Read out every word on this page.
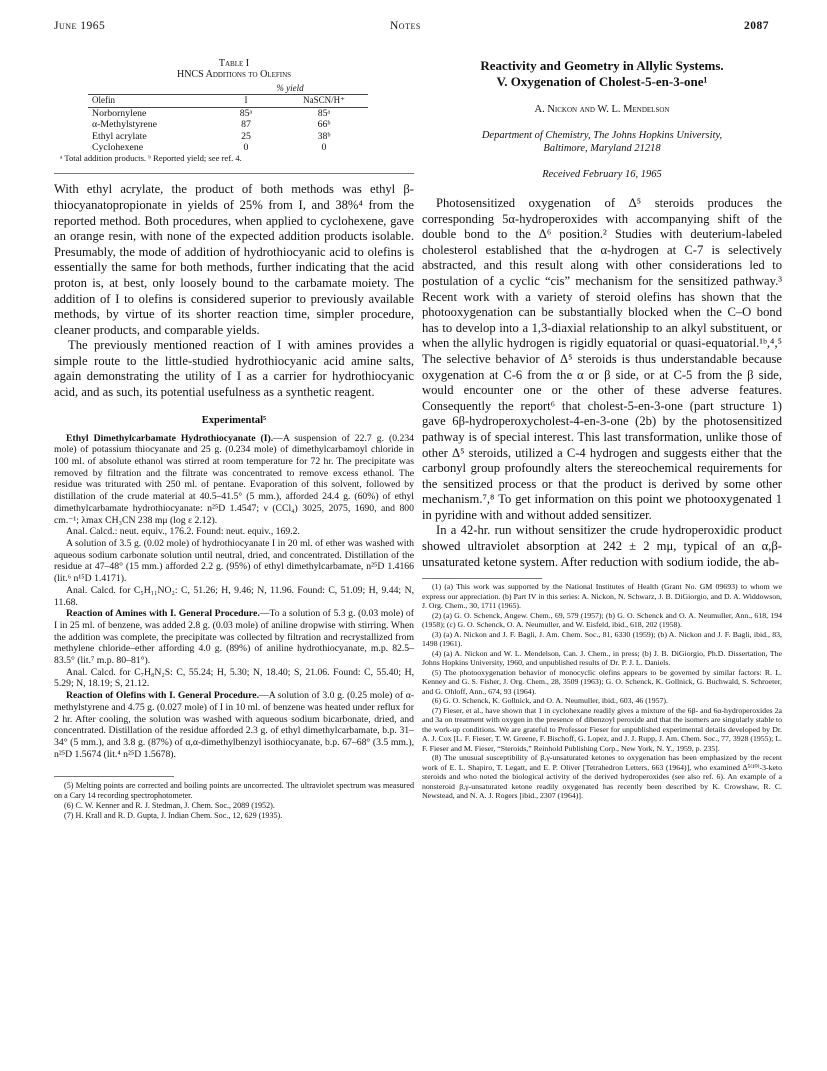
June 1965	Notes	2087
Table I
HNCS Additions to Olefins
	% yield	
Olefin	I	NaSCN/H⁺
Norbornylene	85ᵃ	85ᵃ
α-Methylstyrene	87	66ᵇ
Ethyl acrylate	25	38ᵇ
Cyclohexene	0	0
ᵃ Total addition products. ᵇ Reported yield; see ref. 4.

With ethyl acrylate, the product of both methods was ethyl β-thiocyanatopropionate in yields of 25% from I, and 38%⁴ from the reported method. Both procedures, when applied to cyclohexene, gave an orange resin, with none of the expected addition products isolable. Presumably, the mode of addition of hydrothiocyanic acid to olefins is essentially the same for both methods, further indicating that the acid proton is, at best, only loosely bound to the carbamate moiety. The addition of I to olefins is considered superior to previously available methods, by virtue of its shorter reaction time, simpler procedure, cleaner products, and comparable yields.

The previously mentioned reaction of I with amines provides a simple route to the little-studied hydrothiocyanic acid amine salts, again demonstrating the utility of I as a carrier for hydrothiocyanic acid, and as such, its potential usefulness as a synthetic reagent.

Experimental⁵

Ethyl Dimethylcarbamate Hydrothiocyanate (I).—A suspension of 22.7 g. (0.234 mole) of potassium thiocyanate and 25 g. (0.234 mole) of dimethylcarbamoyl chloride in 100 ml. of absolute ethanol was stirred at room temperature for 72 hr. The precipitate was removed by filtration and the filtrate was concentrated to remove excess ethanol. The residue was triturated with 250 ml. of pentane. Evaporation of this solvent, followed by distillation of the crude material at 40.5–41.5° (5 mm.), afforded 24.4 g. (60%) of ethyl dimethylcarbamate hydrothiocyanate: n²⁵D 1.4547; ν (CCl₄) 3025, 2075, 1690, and 800 cm.⁻¹; λmax CH₃CN 238 mμ (log ε 2.12).

Anal. Calcd.: neut. equiv., 176.2. Found: neut. equiv., 169.2.

A solution of 3.5 g. (0.02 mole) of hydrothiocyanate I in 20 ml. of ether was washed with aqueous sodium carbonate solution until neutral, dried, and concentrated. Distillation of the residue at 47–48° (15 mm.) afforded 2.2 g. (95%) of ethyl dimethylcarbamate, n²⁵D 1.4166 (lit.⁶ n¹⁵D 1.4171).

Anal. Calcd. for C₅H₁₁NO₂: C, 51.26; H, 9.46; N, 11.96. Found: C, 51.09; H, 9.44; N, 11.68.

Reaction of Amines with I. General Procedure.—To a solution of 5.3 g. (0.03 mole) of I in 25 ml. of benzene, was added 2.8 g. (0.03 mole) of aniline dropwise with stirring. When the addition was complete, the precipitate was collected by filtration and recrystallized from methylene chloride–ether affording 4.0 g. (89%) of aniline hydrothiocyanate, m.p. 82.5–83.5° (lit.⁷ m.p. 80–81°).

Anal. Calcd. for C₇H₈N₂S: C, 55.24; H, 5.30; N, 18.40; S, 21.06. Found: C, 55.40; H, 5.29; N, 18.19; S, 21.12.

Reaction of Olefins with I. General Procedure.—A solution of 3.0 g. (0.25 mole) of α-methylstyrene and 4.75 g. (0.027 mole) of I in 10 ml. of benzene was heated under reflux for 2 hr. After cooling, the solution was washed with aqueous sodium bicarbonate, dried, and concentrated. Distillation of the residue afforded 2.3 g. of ethyl dimethylcarbamate, b.p. 31–34° (5 mm.), and 3.8 g. (87%) of α,α-dimethylbenzyl isothiocyanate, b.p. 67–68° (3.5 mm.), n²⁵D 1.5674 (lit.⁴ n²⁵D 1.5678).

(5) Melting points are corrected and boiling points are uncorrected. The ultraviolet spectrum was measured on a Cary 14 recording spectrophotometer.

(6) C. W. Kenner and R. J. Stedman, J. Chem. Soc., 2089 (1952).

(7) H. Krall and R. D. Gupta, J. Indian Chem. Soc., 12, 629 (1935).

Reactivity and Geometry in Allylic Systems.
V. Oxygenation of Cholest-5-en-3-one¹
A. Nickon and W. L. Mendelson
Department of Chemistry, The Johns Hopkins University,
Baltimore, Maryland 21218
Received February 16, 1965

Photosensitized oxygenation of Δ⁵ steroids produces the corresponding 5α-hydroperoxides with accompanying shift of the double bond to the Δ⁶ position.² Studies with deuterium-labeled cholesterol established that the α-hydrogen at C-7 is selectively abstracted, and this result along with other considerations led to postulation of a cyclic “cis” mechanism for the sensitized pathway.³ Recent work with a variety of steroid olefins has shown that the photooxygenation can be substantially blocked when the C–O bond has to develop into a 1,3-diaxial relationship to an alkyl substituent, or when the allylic hydrogen is rigidly equatorial or quasi-equatorial.¹ᵇ,⁴,⁵ The selective behavior of Δ⁵ steroids is thus understandable because oxygenation at C-6 from the α or β side, or at C-5 from the β side, would encounter one or the other of these adverse features. Consequently the report⁶ that cholest-5-en-3-one (part structure 1) gave 6β-hydroperoxycholest-4-en-3-one (2b) by the photosensitized pathway is of special interest. This last transformation, unlike those of other Δ⁵ steroids, utilized a C-4 hydrogen and suggests either that the carbonyl group profoundly alters the stereochemical requirements for the sensitized process or that the product is derived by some other mechanism.⁷,⁸ To get information on this point we photooxygenated 1 in pyridine with and without added sensitizer.

In a 42-hr. run without sensitizer the crude hydroperoxidic product showed ultraviolet absorption at 242 ± 2 mμ, typical of an α,β-unsaturated ketone system. After reduction with sodium iodide, the ab-

(1) (a) This work was supported by the National Institutes of Health (Grant No. GM 09693) to whom we express our appreciation. (b) Part IV in this series: A. Nickon, N. Schwarz, J. B. DiGiorgio, and D. A. Widdowson, J. Org. Chem., 30, 1711 (1965).

(2) (a) G. O. Schenck, Angew. Chem., 69, 579 (1957); (b) G. O. Schenck and O. A. Neumuller, Ann., 618, 194 (1958); (c) G. O. Schenck, O. A. Neumuller, and W. Eisfeld, ibid., 618, 202 (1958).

(3) (a) A. Nickon and J. F. Bagli, J. Am. Chem. Soc., 81, 6330 (1959); (b) A. Nickon and J. F. Bagli, ibid., 83, 1498 (1961).

(4) (a) A. Nickon and W. L. Mendelson, Can. J. Chem., in press; (b) J. B. DiGiorgio, Ph.D. Dissertation, The Johns Hopkins University, 1960, and unpublished results of Dr. P. J. L. Daniels.

(5) The photooxygenation behavior of monocyclic olefins appears to be governed by similar factors: R. L. Kenney and G. S. Fisher, J. Org. Chem., 28, 3509 (1963); G. O. Schenck, K. Gollnick, G. Buchwald, S. Schroeter, and G. Ohloff, Ann., 674, 93 (1964).

(6) G. O. Schenck, K. Gollnick, and O. A. Neumuller, ibid., 603, 46 (1957).

(7) Fieser, et al., have shown that 1 in cyclohexane readily gives a mixture of the 6β- and 6α-hydroperoxides 2a and 3a on treatment with oxygen in the presence of dibenzoyl peroxide and that the isomers are singularly stable to the work-up conditions. We are grateful to Professor Fieser for unpublished experimental details developed by Dr. A. J. Cox [L. F. Fieser, T. W. Greene, F. Bischoff, G. Lopez, and J. J. Rupp, J. Am. Chem. Soc., 77, 3928 (1955); L. F. Fieser and M. Fieser, “Steroids,” Reinhold Publishing Corp., New York, N. Y., 1959, p. 235].

(8) The unusual susceptibility of β,γ-unsaturated ketones to oxygenation has been emphasized by the recent work of E. L. Shapiro, T. Legatt, and E. P. Oliver [Tetrahedron Letters, 663 (1964)], who examined Δ⁵⁽¹⁰⁾-3-keto steroids and who noted the biological activity of the derived hydroperoxides (see also ref. 6). An example of a nonsteroid β,γ-unsaturated ketone readily oxygenated has recently been described by K. Crowshaw, R. C. Newstead, and N. A. J. Rogers [ibid., 2307 (1964)].
